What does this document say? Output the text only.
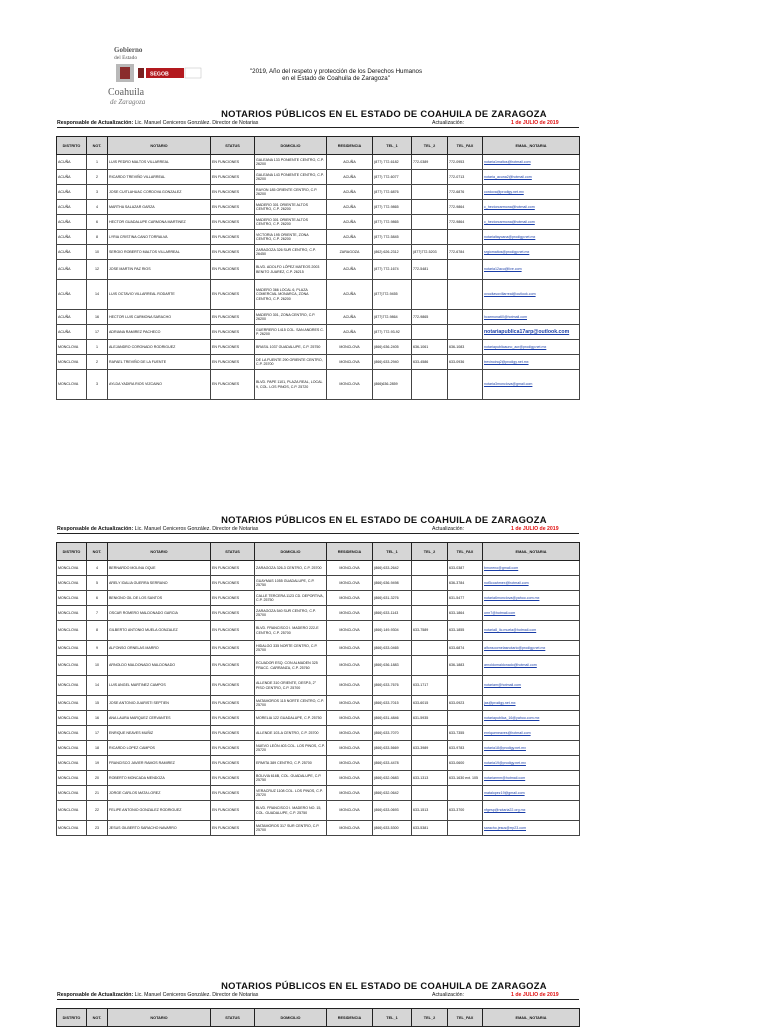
Gobierno
del Estado
SEGOB
Coahuila
de Zaragoza
"2019, Año del respeto y protección de los Derechos Humanos
en el Estado de Coahuila de Zaragoza"
NOTARIOS PÚBLICOS EN EL ESTADO DE COAHUILA DE ZARAGOZA
Responsable de Actualización: Lic. Manuel Ceniceros González. Director de Notarias	Actualización:	1 de JULIO de 2019
DISTRITO	NOT.	NOTARIO	STATUS	DOMICILIO	RESIDENCIA	TEL_1	TEL_2	TEL_FAX	EMAIL_NOTARIA
ACUÑA	1	LUIS PEDRO MALTOS VILLARREAL	EN FUNCIONES	GALEANA 133 PONIENTE CENTRO, C.P. 26200	ACUÑA	(877) 772-6182	772-0389	772-0953	notaria1maltos@hotmail.com
ACUÑA	2	RICARDO TREVIÑO VILLARREAL	EN FUNCIONES	GALEANA 143 PONIENTE CENTRO, C.P. 26200	ACUÑA	(877) 772-6077		772-0713	notaria_acuna2@hotmail.com
ACUÑA	3	JOSE CUITLAHUAC CORDOVA GONZALEZ	EN FUNCIONES	RAYON 185 ORIENTE CENTRO, C.P. 26200	ACUÑA	(877) 772-6876		772-6876	cordova@prodigy.net.mx
ACUÑA	4	MARTHA SALAZAR GARZA	EN FUNCIONES	MADERO 301 ORIENTE ALTOS CENTRO, C.P. 26200	ACUÑA	(877) 772-9865		772-9864	c_hectorcarmona@hotmail.com
ACUÑA	6	HECTOR GUADALUPE CARMONA MARTINEZ	EN FUNCIONES	MADERO 301 ORIENTE ALTOS CENTRO, C.P. 26200	ACUÑA	(877) 772-9865		772-9864	c_hectorcarmona@hotmail.com
ACUÑA	8	LYRIA CRISTINA CANO TORRALVA	EN FUNCIONES	VICTORIA 195 ORIENTE, ZONA CENTRO, C.P. 26200	ACUÑA	(877) 772-5845			notarialtaycana@prodigy.net.mx
ACUÑA	10	SERGIO ROBERTO MALTOS VILLARREAL	EN FUNCIONES	ZARAGOZA 326 SUR CENTRO, C.P. 26450	ZARAGOZA	(862) 626-2312	(877)772-5203	772-6784	srgiomaltos@prodigy.net.mx
ACUÑA	12	JOSE MARTIN PAZ RIOS	EN FUNCIONES	BLVD. ADOLFO LÓPEZ MATEOS 2003 BENITO JUAREZ, C.P. 26215	ACUÑA	(877) 772-1674	772-5481		notaria12acu@live.com
ACUÑA	14	LUIS OCTAVIO VILLARREAL RODARTE	EN FUNCIONES	MADERO 366 LOCAL 6, PLAZA COMERCIAL MONARCA, ZONA CENTRO, C.P. 26200	ACUÑA	(877)772-9455			ovocitavovillarreal@outlook.com
ACUÑA	16	HECTOR LUIS CARMONA SARACHO	EN FUNCIONES	MADERO 301, ZONA CENTRO, C.P. 26200	ACUÑA	(877)772-9864	772-9865		hcarmona60@hotmail.com
ACUÑA	17	ADRIANA RAMIREZ PACHECO	EN FUNCIONES	GUERRERO 1415 COL. SAN ANDRES C. P. 26200	ACUÑA	(877) 772-93-92			notariapublica17arp@outlook.com
MONCLOVA	1	ALEJANDRO CORONADO RODRIGUEZ	EN FUNCIONES	BRASIL 1037 GUADALUPE, C.P. 25750	MONCLOVA	(866) 636-2405	636-1061	636-1083	notariapublicauno_acr@prodigy.net.mx
MONCLOVA	2	RAFAEL TREVIÑO DE LA FUENTE	EN FUNCIONES	DE LA FUENTE 290 ORIENTE CENTRO, C.P. 25700	MONCLOVA	(866) 633-2940	633-4586	633-0936	trevinoinq2@prodigy.net.mx
MONCLOVA	3	AYLDA YADIRA RIOS VIZCAINO	EN FUNCIONES	BLVD. PAPE 1101, PLAZA REAL, LOCAL 9, COL. LOS PINOS, C.P. 25720	MONCLOVA	(866)636-2859			notaria3monclova@gmail.com
NOTARIOS PÚBLICOS EN EL ESTADO DE COAHUILA DE ZARAGOZA
Responsable de Actualización: Lic. Manuel Ceniceros González. Director de Notarias	Actualización:	1 de JULIO de 2019
DISTRITO	NOT.	NOTARIO	STATUS	DOMICILIO	RESIDENCIA	TEL_1	TEL_2	TEL_FAX	EMAIL_NOTARIA
MONCLOVA	4	BERNARDO MOLINA OQUE	EN FUNCIONES	ZARAGOZA 326-3 CENTRO, C.P. 25700	MONCLOVA	(866) 633-2642		633-0387	bmoreno@gmail.com
MONCLOVA	5	ARELY IDALIA GUERRA SERRANO	EN FUNCIONES	GUAYMAS 1055 GUADALUPE, C.P. 25750	MONCLOVA	(866) 636-9498		636-3784	not5coahmex@hotmail.com
MONCLOVA	6	BENIGNO GIL DE LOS SANTOS	EN FUNCIONES	CALLE TERCERA 1123 CD. DEPORTIVA, C.P. 25750	MONCLOVA	(866) 631-3276		631-5477	notaria6monclova@yahoo.com.mx
MONCLOVA	7	OSCAR ROMERO MALDONADO GARCIA	EN FUNCIONES	ZARAGOZA 540 SUR CENTRO, C.P. 25700	MONCLOVA	(866) 633-1143		633-1864	omr7@hotmail.com
MONCLOVA	8	GILBERTO ANTONIO MUELA GONZALEZ	EN FUNCIONES	BLVD. FRANCISCO I. MADERO 222-E CENTRO, C.P. 25700	MONCLOVA	(866) 149-9304	633-7589	633-1855	notaria8_lic.muela@hotmail.com
MONCLOVA	9	ALFONSO ORNELAS MARRO	EN FUNCIONES	HIDALGO 335 NORTE CENTRO, C.P. 25700	MONCLOVA	(866) 633-0465		633-6874	alfonsoornelasnotario@prodigy.net.mx
MONCLOVA	10	ARNOLDO MALDONADO MALDONADO	EN FUNCIONES	ECUADOR ESQ. CON ALMADEN 325 FRACC. CARRANZA, C.P. 25760	MONCLOVA	(866) 636-1883		636-1883	arnoldomaldonado@hotmail.com
MONCLOVA	14	LUIS ANGEL MARTINEZ CAMPOS	EN FUNCIONES	ALLENDE 310 ORIENTE, DESP.5, 2° PISO CENTRO, C.P. 25700	MONCLOVA	(866) 633-7676	633-1717		notariam@hotmail.com
MONCLOVA	15	JOSE ANTONIO JUARISTI SEPTIEN	EN FUNCIONES	MATAMOROS 115 NORTE CENTRO, C.P. 25700	MONCLOVA	(866) 633-7015	633-6015	633-0923	jas@prodigy.net.mx
MONCLOVA	16	ANA LAURA MARQUEZ CERVANTES	EN FUNCIONES	MORELIA 122 GUADALUPE, C.P. 25750	MONCLOVA	(866) 631-4846	631-5935		notariapublica_16@yahoo.com.mx
MONCLOVA	17	ENRIQUE NEAVES MUÑIZ	EN FUNCIONES	ALLENDE 103-A CENTRO, C.P. 25700	MONCLOVA	(866) 633-7070		633-7355	enriqueneaves@hotmail.com
MONCLOVA	18	RICARDO LOPEZ CAMPOS	EN FUNCIONES	NUEVO LEÓN 403 COL. LOS PINOS, C.P. 25720	MONCLOVA	(866) 633-5669	633-3989	633-9783	notaria18@prodigy.net.mx
MONCLOVA	19	FRANCISCO JAVIER RAMOS RAMIREZ	EN FUNCIONES	ERMITA 389 CENTRO, C.P. 25700	MONCLOVA	(866) 633-4478		633-0600	notaria19@prodigy.net.mx
MONCLOVA	20	ROBERTO MONCADA MENDOZA	EN FUNCIONES	BOLIVIA 616B, COL. GUADALUPE, C.P. 25750	MONCLOVA	(866) 632-0683	633-1313	633-1630 ext. 105	notariarmm@hotmail.com
MONCLOVA	21	JORGE CARLOS MATA LOREZ	EN FUNCIONES	VERACRUZ 1108 COL. LOS PINOS, C.P. 25720	MONCLOVA	(866) 632-0642			matalopez19@gmail.com
MONCLOVA	22	FELIPE ANTONIO GONZALEZ RODRIGUEZ	EN FUNCIONES	BLVD. FRANCISCO I. MADERO NO. 15, COL. GUADALUPE, C.P. 25750	MONCLOVA	(866) 633-0693	633-1513	633-3700	nfgesp@notaria22.org.mx
MONCLOVA	23	JESUS GILBERTO SARACHO NAVARRO	EN FUNCIONES	MATAMOROS 317 SUR CENTRO, C.P. 25700	MONCLOVA	(866) 633-5300	633-5381		saracho.jesus@rrp23.com
NOTARIOS PÚBLICOS EN EL ESTADO DE COAHUILA DE ZARAGOZA
Responsable de Actualización: Lic. Manuel Ceniceros González. Director de Notarias	Actualización:	1 de JULIO de 2019
DISTRITO	NOT.	NOTARIO	STATUS	DOMICILIO	RESIDENCIA	TEL_1	TEL_2	TEL_FAX	EMAIL_NOTARIA
